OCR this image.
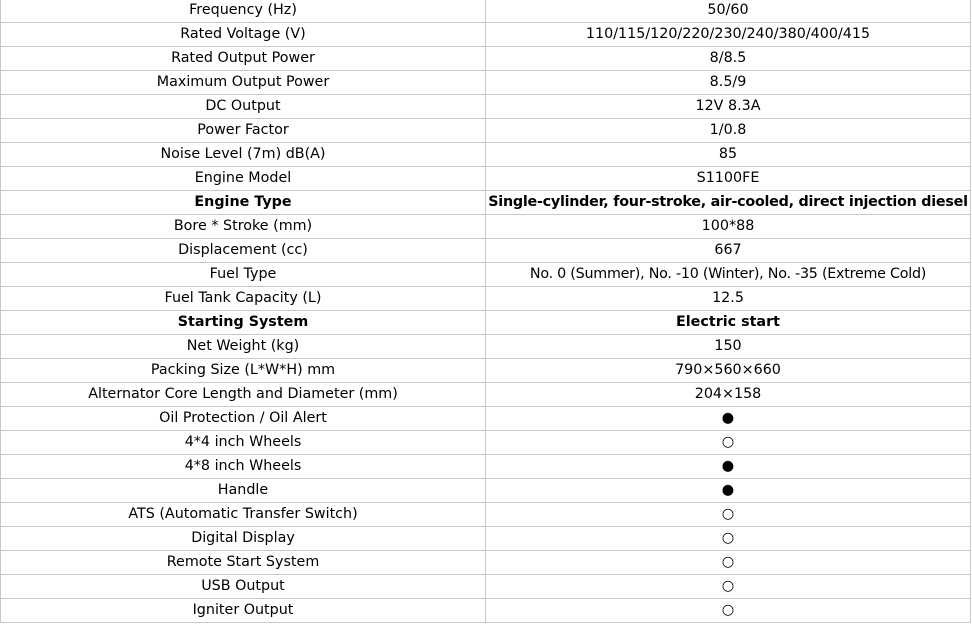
Frequency (Hz)	50/60
Rated Voltage (V)	110/115/120/220/230/240/380/400/415
Rated Output Power	8/8.5
Maximum Output Power	8.5/9
DC Output	12V 8.3A
Power Factor	1/0.8
Noise Level (7m) dB(A)	85
Engine Model	S1100FE
Engine Type	Single-cylinder, four-stroke, air-cooled, direct injection diesel
Bore * Stroke (mm)	100*88
Displacement (cc)	667
Fuel Type	No. 0 (Summer), No. -10 (Winter), No. -35 (Extreme Cold)
Fuel Tank Capacity (L)	12.5
Starting System	Electric start
Net Weight (kg)	150
Packing Size (L*W*H) mm	790×560×660
Alternator Core Length and Diameter (mm)	204×158
Oil Protection / Oil Alert	●
4*4 inch Wheels	○
4*8 inch Wheels	●
Handle	●
ATS (Automatic Transfer Switch)	○
Digital Display	○
Remote Start System	○
USB Output	○
Igniter Output	○
